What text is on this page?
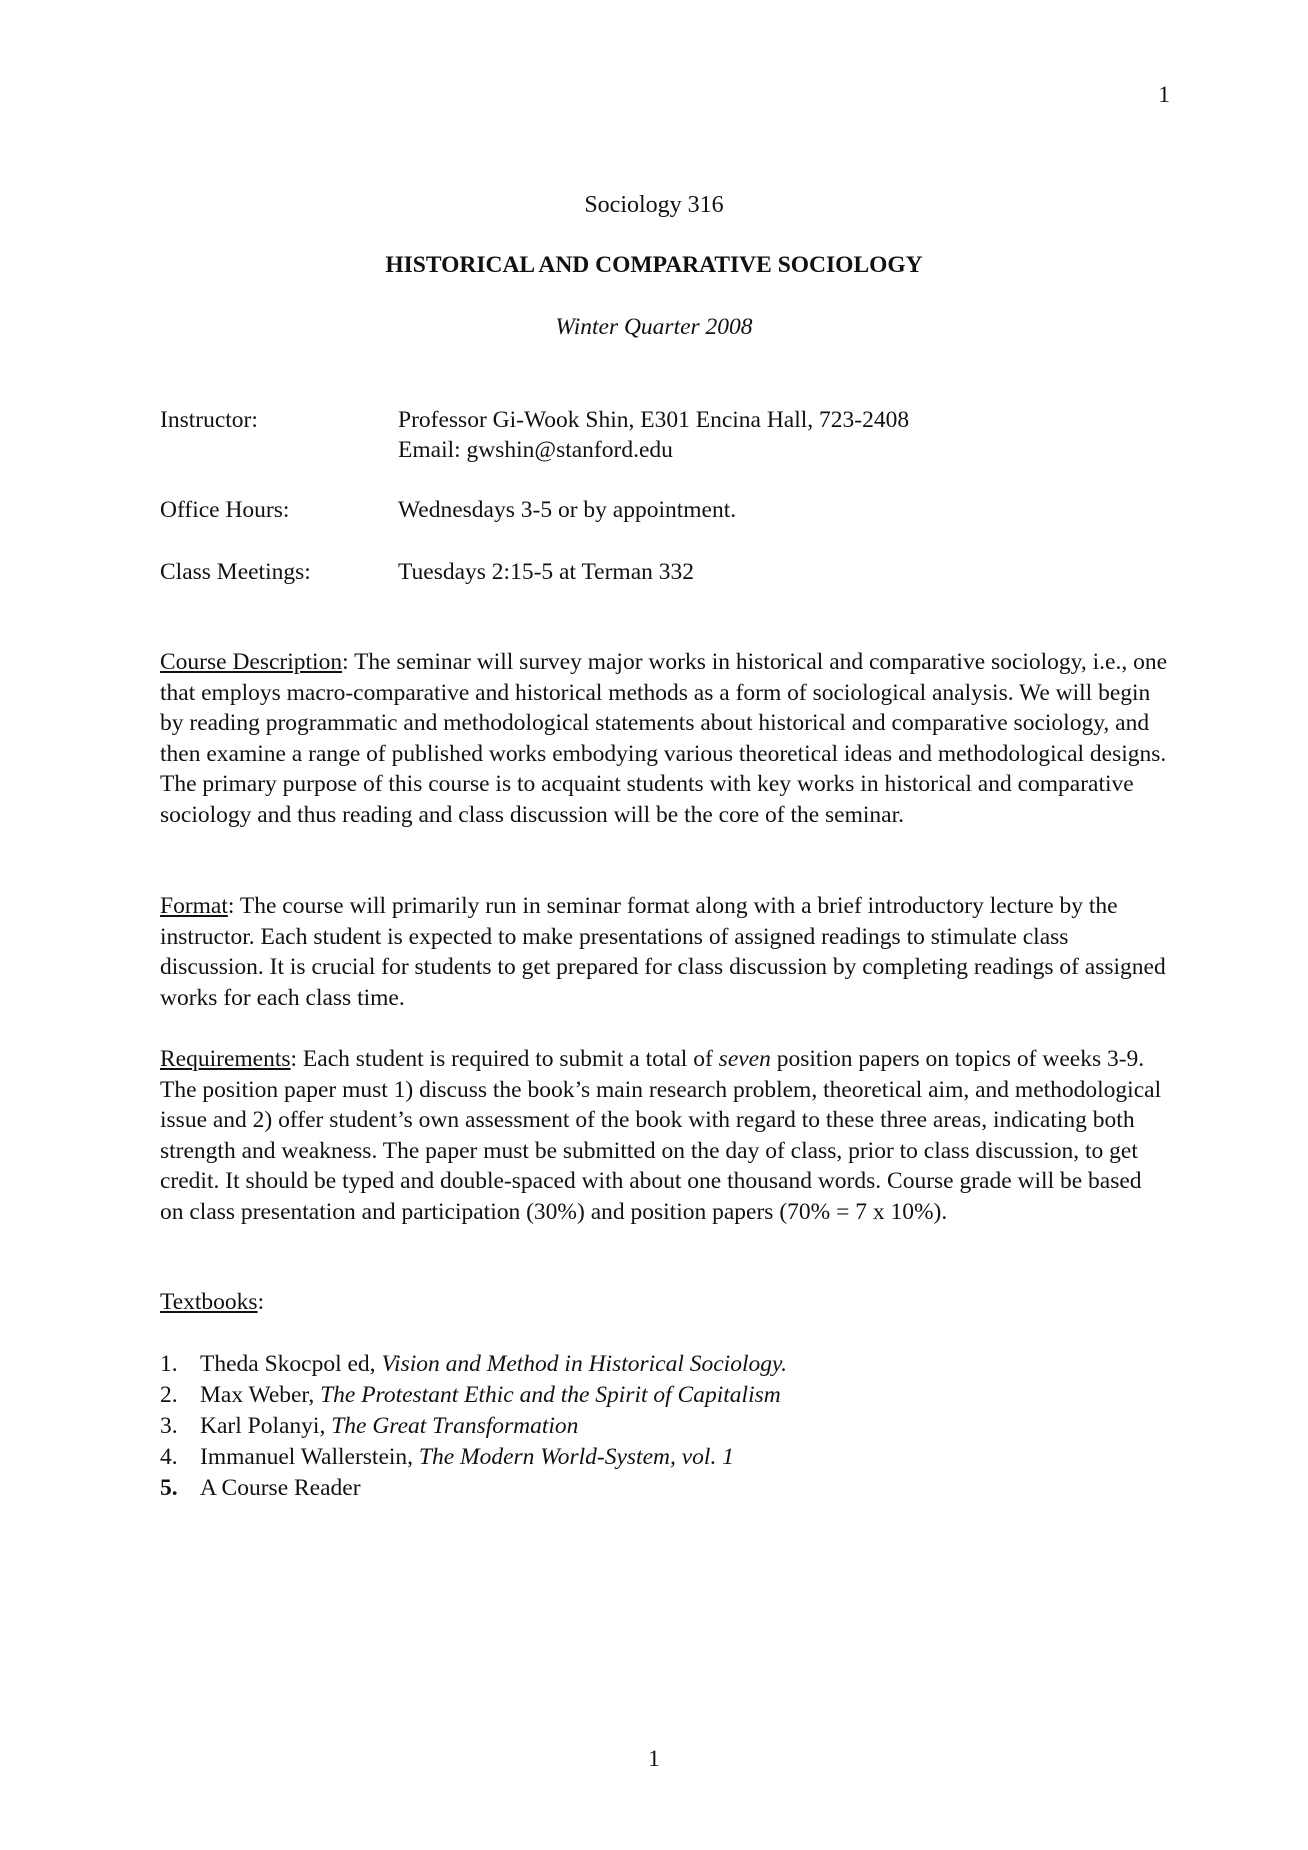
1
Sociology 316
HISTORICAL AND COMPARATIVE SOCIOLOGY
Winter Quarter 2008
Instructor:	Professor Gi-Wook Shin, E301 Encina Hall, 723-2408
Email: gwshin@stanford.edu
Office Hours:	Wednesdays 3-5 or by appointment.
Class Meetings:	Tuesdays 2:15-5 at Terman 332
Course Description: The seminar will survey major works in historical and comparative sociology, i.e., one that employs macro-comparative and historical methods as a form of sociological analysis. We will begin by reading programmatic and methodological statements about historical and comparative sociology, and then examine a range of published works embodying various theoretical ideas and methodological designs. The primary purpose of this course is to acquaint students with key works in historical and comparative sociology and thus reading and class discussion will be the core of the seminar.
Format: The course will primarily run in seminar format along with a brief introductory lecture by the instructor. Each student is expected to make presentations of assigned readings to stimulate class discussion. It is crucial for students to get prepared for class discussion by completing readings of assigned works for each class time.
Requirements: Each student is required to submit a total of seven position papers on topics of weeks 3-9. The position paper must 1) discuss the book’s main research problem, theoretical aim, and methodological issue and 2) offer student’s own assessment of the book with regard to these three areas, indicating both strength and weakness. The paper must be submitted on the day of class, prior to class discussion, to get credit. It should be typed and double-spaced with about one thousand words. Course grade will be based on class presentation and participation (30%) and position papers (70% = 7 x 10%).
Textbooks:
1. Theda Skocpol ed, Vision and Method in Historical Sociology.
2. Max Weber, The Protestant Ethic and the Spirit of Capitalism
3. Karl Polanyi, The Great Transformation
4. Immanuel Wallerstein, The Modern World-System, vol. 1
5. A Course Reader
1
